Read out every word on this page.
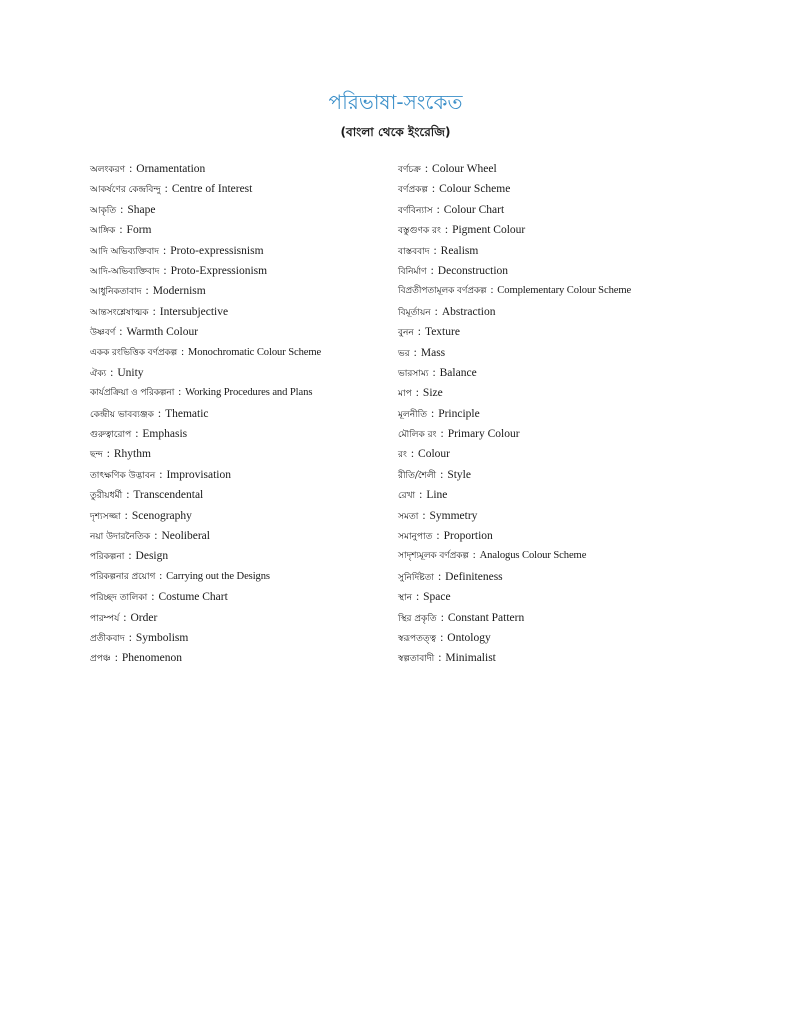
পরিভাষা-সংকেত
(বাংলা থেকে ইংরেজি)
অলংকরণ : Ornamentation
আকর্ষণের কেন্দ্রবিন্দু : Centre of Interest
আকৃতি : Shape
আঙ্গিক : Form
আদি অভিব্যক্তিবাদ : Proto-expressisnism
আদি-অভিব্যক্তিবাদ : Proto-Expressionism
আধুনিকতাবাদ : Modernism
আন্তসংশ্লেষাত্মক : Intersubjective
উষ্ণবর্ণ : Warmth Colour
একক রংভিত্তিক বর্ণপ্রকল্প : Monochromatic Colour Scheme
ঐক্য : Unity
কার্যপ্রক্রিয়া ও পরিকল্পনা : Working Procedures and Plans
কেন্দ্রীয় ভাবব্যঞ্জক : Thematic
গুরুত্বারোপ : Emphasis
ছন্দ : Rhythm
তাৎক্ষণিক উদ্ভাবন : Improvisation
তুরীয়ধর্মী : Transcendental
দৃশ্যসজ্জা : Scenography
নয়া উদারনৈতিক : Neoliberal
পরিকল্পনা : Design
পরিকল্পনার প্রয়োগ : Carrying out the Designs
পরিচ্ছদ তালিকা : Costume Chart
পারম্পর্য : Order
প্রতীকবাদ : Symbolism
প্রপঞ্চ : Phenomenon
বর্ণচক্র : Colour Wheel
বর্ণপ্রকল্প : Colour Scheme
বর্ণবিন্যাস : Colour Chart
বস্তুগুণক রং : Pigment Colour
বাস্তববাদ : Realism
বিনির্মাণ : Deconstruction
বিপ্রতীপতামূলক বর্ণপ্রকল্প : Complementary Colour Scheme
বিমূর্তায়ন : Abstraction
বুনন : Texture
ভর : Mass
ভারসাম্য : Balance
মাপ : Size
মূলনীতি : Principle
মৌলিক রং : Primary Colour
রং : Colour
রীতি/শৈলী : Style
রেখা : Line
সমতা : Symmetry
সমানুপাত : Proportion
সাদৃশ্যমূলক বর্ণপ্রকল্প : Analogus Colour Scheme
সুনির্দিষ্টতা : Definiteness
স্থান : Space
স্থির প্রকৃতি : Constant Pattern
স্বরূপতত্ত্ব : Ontology
স্বল্পতাবাদী : Minimalist
